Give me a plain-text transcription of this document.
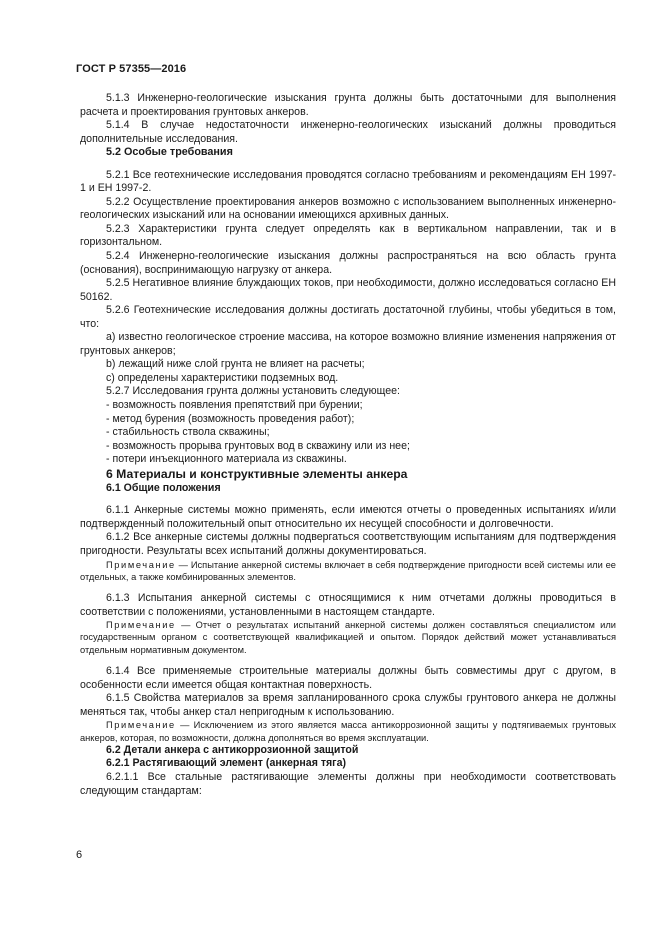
ГОСТ Р 57355—2016

5.1.3 Инженерно-геологические изыскания грунта должны быть достаточными для выполнения расчета и проектирования грунтовых анкеров.

5.1.4 В случае недостаточности инженерно-геологических изысканий должны проводиться дополнительные исследования.

5.2 Особые требования

5.2.1 Все геотехнические исследования проводятся согласно требованиям и рекомендациям ЕН 1997-1 и ЕН 1997-2.

5.2.2 Осуществление проектирования анкеров возможно с использованием выполненных инженерно-геологических изысканий или на основании имеющихся архивных данных.

5.2.3 Характеристики грунта следует определять как в вертикальном направлении, так и в горизонтальном.

5.2.4 Инженерно-геологические изыскания должны распространяться на всю область грунта (основания), воспринимающую нагрузку от анкера.

5.2.5 Негативное влияние блуждающих токов, при необходимости, должно исследоваться согласно ЕН 50162.

5.2.6 Геотехнические исследования должны достигать достаточной глубины, чтобы убедиться в том, что:

a) известно геологическое строение массива, на которое возможно влияние изменения напряжения от грунтовых анкеров;

b) лежащий ниже слой грунта не влияет на расчеты;

c) определены характеристики подземных вод.

5.2.7 Исследования грунта должны установить следующее:

- возможность появления препятствий при бурении;

- метод бурения (возможность проведения работ);

- стабильность ствола скважины;

- возможность прорыва грунтовых вод в скважину или из нее;

- потери инъекционного материала из скважины.

6 Материалы и конструктивные элементы анкера

6.1 Общие положения

6.1.1 Анкерные системы можно применять, если имеются отчеты о проведенных испытаниях и/или подтвержденный положительный опыт относительно их несущей способности и долговечности.

6.1.2 Все анкерные системы должны подвергаться соответствующим испытаниям для подтверждения пригодности. Результаты всех испытаний должны документироваться.

Примечание — Испытание анкерной системы включает в себя подтверждение пригодности всей системы или ее отдельных, а также комбинированных элементов.

6.1.3 Испытания анкерной системы с относящимися к ним отчетами должны проводиться в соответствии с положениями, установленными в настоящем стандарте.

Примечание — Отчет о результатах испытаний анкерной системы должен составляться специалистом или государственным органом с соответствующей квалификацией и опытом. Порядок действий может устанавливаться отдельным нормативным документом.

6.1.4 Все применяемые строительные материалы должны быть совместимы друг с другом, в особенности если имеется общая контактная поверхность.

6.1.5 Свойства материалов за время запланированного срока службы грунтового анкера не должны меняться так, чтобы анкер стал непригодным к использованию.

Примечание — Исключением из этого является масса антикоррозионной защиты у подтягиваемых грунтовых анкеров, которая, по возможности, должна дополняться во время эксплуатации.

6.2 Детали анкера с антикоррозионной защитой

6.2.1 Растягивающий элемент (анкерная тяга)

6.2.1.1 Все стальные растягивающие элементы должны при необходимости соответствовать следующим стандартам:

6
